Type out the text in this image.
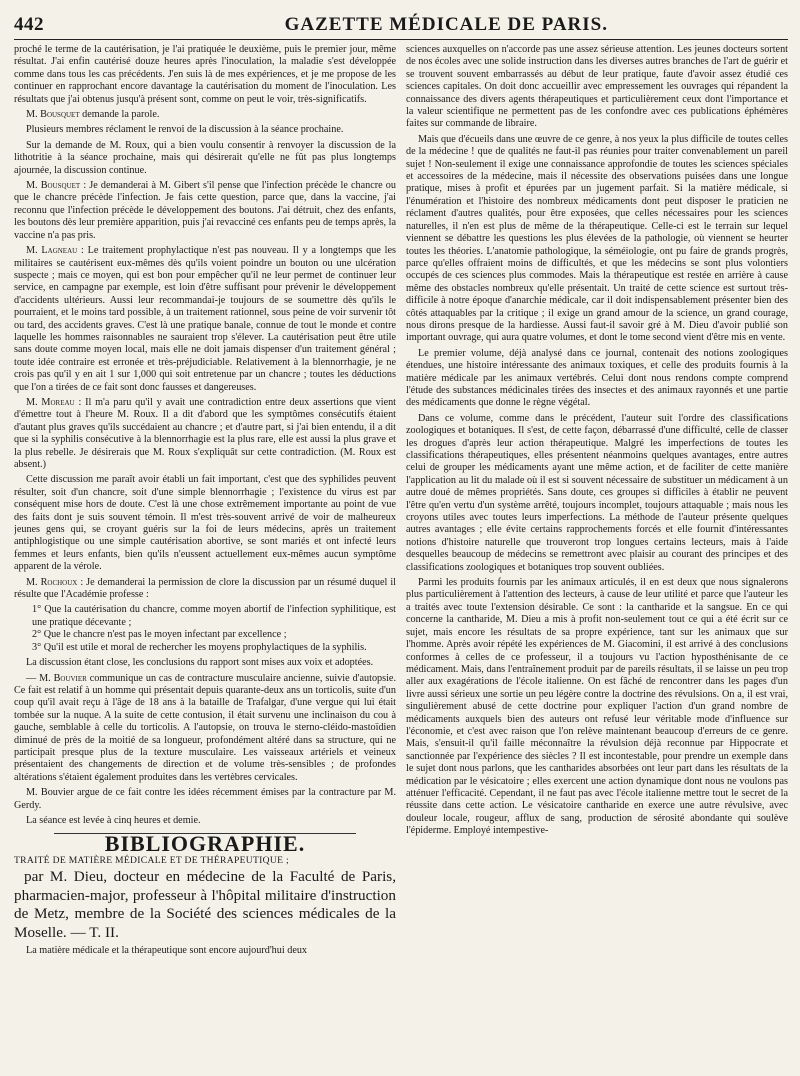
442	GAZETTE MÉDICALE DE PARIS.

proché le terme de la cautérisation, je l'ai pratiquée le deuxième, puis le premier jour, même résultat. J'ai enfin cautérisé douze heures après l'inoculation, la maladie s'est développée comme dans tous les cas précédents. J'en suis là de mes expériences, et je me propose de les continuer en rapprochant encore davantage la cautérisation du moment de l'inoculation. Les résultats que j'ai obtenus jusqu'à présent sont, comme on peut le voir, très-significatifs.

M. Bousquet demande la parole.

Plusieurs membres réclament le renvoi de la discussion à la séance prochaine.

Sur la demande de M. Roux, qui a bien voulu consentir à renvoyer la discussion de la lithotritie à la séance prochaine, mais qui désirerait qu'elle ne fût pas plus longtemps ajournée, la discussion continue.

M. Bousquet : Je demanderai à M. Gibert s'il pense que l'infection précède le chancre ou que le chancre précède l'infection. Je fais cette question, parce que, dans la vaccine, j'ai reconnu que l'infection précède le développement des boutons. J'ai détruit, chez des enfants, les boutons dès leur première apparition, puis j'ai revacciné ces enfants peu de temps après, la vaccine n'a pas pris.

M. Lagneau : Le traitement prophylactique n'est pas nouveau. Il y a longtemps que les militaires se cautérisent eux-mêmes dès qu'ils voient poindre un bouton ou une ulcération suspecte ; mais ce moyen, qui est bon pour empêcher qu'il ne leur permet de continuer leur service, en campagne par exemple, est loin d'être suffisant pour prévenir le développement d'accidents ultérieurs. Aussi leur recommandai-je toujours de se soumettre dès qu'ils le pourraient, et le moins tard possible, à un traitement rationnel, sous peine de voir survenir tôt ou tard, des accidents graves. C'est là une pratique banale, connue de tout le monde et contre laquelle les hommes raisonnables ne sauraient trop s'élever. La cautérisation peut être utile sans doute comme moyen local, mais elle ne doit jamais dispenser d'un traitement général ; toute idée contraire est erronée et très-préjudiciable. Relativement à la blennorrhagie, je ne crois pas qu'il y en ait 1 sur 1,000 qui soit entretenue par un chancre ; toutes les déductions que l'on a tirées de ce fait sont donc fausses et dangereuses.

M. Moreau : Il m'a paru qu'il y avait une contradiction entre deux assertions que vient d'émettre tout à l'heure M. Roux. Il a dit d'abord que les symptômes consécutifs étaient d'autant plus graves qu'ils succédaient au chancre ; et d'autre part, si j'ai bien entendu, il a dit que si la syphilis consécutive à la blennorrhagie est la plus rare, elle est aussi la plus grave et la plus rebelle. Je désirerais que M. Roux s'expliquât sur cette contradiction. (M. Roux est absent.)

Cette discussion me paraît avoir établi un fait important, c'est que des syphilides peuvent résulter, soit d'un chancre, soit d'une simple blennorrhagie ; l'existence du virus est par conséquent mise hors de doute. C'est là une chose extrêmement importante au point de vue des faits dont je suis souvent témoin. Il m'est très-souvent arrivé de voir de malheureux jeunes gens qui, se croyant guéris sur la foi de leurs médecins, après un traitement antiphlogistique ou une simple cautérisation abortive, se sont mariés et ont infecté leurs femmes et leurs enfants, bien qu'ils n'eussent actuellement eux-mêmes aucun symptôme apparent de la vérole.

M. Rochoux : Je demanderai la permission de clore la discussion par un résumé duquel il résulte que l'Académie professe :

1° Que la cautérisation du chancre, comme moyen abortif de l'infection syphilitique, est une pratique décevante ;
2° Que le chancre n'est pas le moyen infectant par excellence ;
3° Qu'il est utile et moral de rechercher les moyens prophylactiques de la syphilis.

La discussion étant close, les conclusions du rapport sont mises aux voix et adoptées.

— M. Bouvier communique un cas de contracture musculaire ancienne, suivie d'autopsie. Ce fait est relatif à un homme qui présentait depuis quarante-deux ans un torticolis, suite d'un coup qu'il avait reçu à l'âge de 18 ans à la bataille de Trafalgar, d'une vergue qui lui était tombée sur la nuque. A la suite de cette contusion, il était survenu une inclinaison du cou à gauche, semblable à celle du torticolis. A l'autopsie, on trouva le sterno-cléido-mastoïdien diminué de près de la moitié de sa longueur, profondément altéré dans sa structure, qui ne participait presque plus de la texture musculaire. Les vaisseaux artériels et veineux présentaient des changements de direction et de volume très-sensibles ; de profondes altérations s'étaient également produites dans les vertèbres cervicales.

M. Bouvier argue de ce fait contre les idées récemment émises par la contracture par M. Gerdy.

La séance est levée à cinq heures et demie.

BIBLIOGRAPHIE.

TRAITÉ DE MATIÈRE MÉDICALE ET DE THÉRAPEUTIQUE ;

par M. Dieu, docteur en médecine de la Faculté de Paris, pharmacien-major, professeur à l'hôpital militaire d'instruction de Metz, membre de la Société des sciences médicales de la Moselle. — T. II.

La matière médicale et la thérapeutique sont encore aujourd'hui deux

sciences auxquelles on n'accorde pas une assez sérieuse attention. Les jeunes docteurs sortent de nos écoles avec une solide instruction dans les diverses autres branches de l'art de guérir et se trouvent souvent embarrassés au début de leur pratique, faute d'avoir assez étudié ces sciences capitales. On doit donc accueillir avec empressement les ouvrages qui répandent la connaissance des divers agents thérapeutiques et particulièrement ceux dont l'importance et la valeur scientifique ne permettent pas de les confondre avec ces publications éphémères faites sur commande de libraire.

Mais que d'écueils dans une œuvre de ce genre, à nos yeux la plus difficile de toutes celles de la médecine ! que de qualités ne faut-il pas réunies pour traiter convenablement un pareil sujet ! Non-seulement il exige une connaissance approfondie de toutes les sciences spéciales et accessoires de la médecine, mais il nécessite des observations puisées dans une longue pratique, mises à profit et épurées par un jugement parfait. Si la matière médicale, si l'énumération et l'histoire des nombreux médicaments dont peut disposer le praticien ne réclament d'autres qualités, pour être exposées, que celles nécessaires pour les sciences naturelles, il n'en est plus de même de la thérapeutique. Celle-ci est le terrain sur lequel viennent se débattre les questions les plus élevées de la pathologie, où viennent se heurter toutes les théories. L'anatomie pathologique, la séméiologie, ont pu faire de grands progrès, parce qu'elles offraient moins de difficultés, et que les médecins se sont plus volontiers occupés de ces sciences plus commodes. Mais la thérapeutique est restée en arrière à cause même des obstacles nombreux qu'elle présentait. Un traité de cette science est surtout très-difficile à notre époque d'anarchie médicale, car il doit indispensablement présenter bien des côtés attaquables par la critique ; il exige un grand amour de la science, un grand courage, nous dirons presque de la hardiesse. Aussi faut-il savoir gré à M. Dieu d'avoir publié son important ouvrage, qui aura quatre volumes, et dont le tome second vient d'être mis en vente.

Le premier volume, déjà analysé dans ce journal, contenait des notions zoologiques étendues, une histoire intéressante des animaux toxiques, et celle des produits fournis à la matière médicale par les animaux vertébrés. Celui dont nous rendons compte comprend l'étude des substances médicinales tirées des insectes et des animaux rayonnés et une partie des médicaments que donne le règne végétal.

Dans ce volume, comme dans le précédent, l'auteur suit l'ordre des classifications zoologiques et botaniques. Il s'est, de cette façon, débarrassé d'une difficulté, celle de classer les drogues d'après leur action thérapeutique. Malgré les imperfections de toutes les classifications thérapeutiques, elles présentent néanmoins quelques avantages, entre autres celui de grouper les médicaments ayant une même action, et de faciliter de cette manière l'application au lit du malade où il est si souvent nécessaire de substituer un médicament à un autre doué de mêmes propriétés. Sans doute, ces groupes si difficiles à établir ne peuvent l'être qu'en vertu d'un système arrêté, toujours incomplet, toujours attaquable ; mais nous les croyons utiles avec toutes leurs imperfections. La méthode de l'auteur présente quelques autres avantages ; elle évite certains rapprochements forcés et elle fournit d'intéressantes notions d'histoire naturelle que trouveront trop longues certains lecteurs, mais à l'aide desquelles beaucoup de médecins se remettront avec plaisir au courant des principes et des classifications zoologiques et botaniques trop souvent oubliées.

Parmi les produits fournis par les animaux articulés, il en est deux que nous signalerons plus particulièrement à l'attention des lecteurs, à cause de leur utilité et parce que l'auteur les a traités avec toute l'extension désirable. Ce sont : la cantharide et la sangsue. En ce qui concerne la cantharide, M. Dieu a mis à profit non-seulement tout ce qui a été écrit sur ce sujet, mais encore les résultats de sa propre expérience, tant sur les animaux que sur l'homme. Après avoir répété les expériences de M. Giacomini, il est arrivé à des conclusions conformes à celles de ce professeur, il a toujours vu l'action hyposthénisante de ce médicament. Mais, dans l'entraînement produit par de pareils résultats, il se laisse un peu trop aller aux exagérations de l'école italienne. On est fâché de rencontrer dans les pages d'un livre aussi sérieux une sortie un peu légère contre la doctrine des révulsions. On a, il est vrai, singulièrement abusé de cette doctrine pour expliquer l'action d'un grand nombre de médicaments auxquels bien des auteurs ont refusé leur véritable mode d'influence sur l'économie, et c'est avec raison que l'on relève maintenant beaucoup d'erreurs de ce genre. Mais, s'ensuit-il qu'il faille méconnaître la révulsion déjà reconnue par Hippocrate et sanctionnée par l'expérience des siècles ? Il est incontestable, pour prendre un exemple dans le sujet dont nous parlons, que les cantharides absorbées ont leur part dans les résultats de la médication par le vésicatoire ; elles exercent une action dynamique dont nous ne voulons pas atténuer l'efficacité. Cependant, il ne faut pas avec l'école italienne mettre tout le secret de la réussite dans cette action. Le vésicatoire cantharide en exerce une autre révulsive, avec douleur locale, rougeur, afflux de sang, production de sérosité abondante qui soulève l'épiderme. Employé intempestive-
